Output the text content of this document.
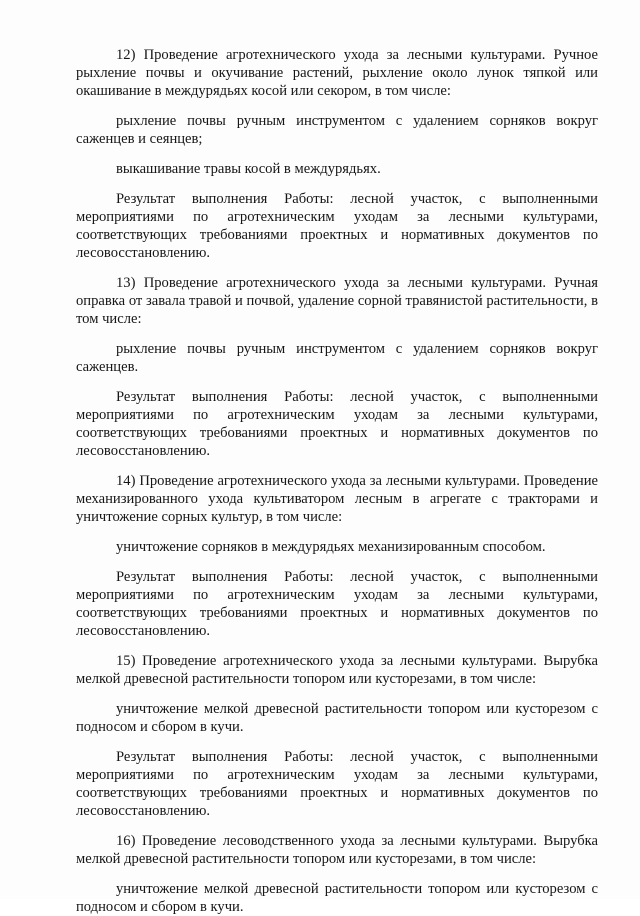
12) Проведение агротехнического ухода за лесными культурами. Ручное рыхление почвы и окучивание растений, рыхление около лунок тяпкой или окашивание в междурядьях косой или секором, в том числе:

рыхление почвы ручным инструментом с удалением сорняков вокруг саженцев и сеянцев;

выкашивание травы косой в междурядьях.

Результат выполнения Работы: лесной участок, с выполненными мероприятиями по агротехническим уходам за лесными культурами, соответствующих требованиями проектных и нормативных документов по лесовосстановлению.

13) Проведение агротехнического ухода за лесными культурами. Ручная оправка от завала травой и почвой, удаление сорной травянистой растительности, в том числе:

рыхление почвы ручным инструментом с удалением сорняков вокруг саженцев.

Результат выполнения Работы: лесной участок, с выполненными мероприятиями по агротехническим уходам за лесными культурами, соответствующих требованиями проектных и нормативных документов по лесовосстановлению.

14) Проведение агротехнического ухода за лесными культурами. Проведение механизированного ухода культиватором лесным в агрегате с тракторами и уничтожение сорных культур, в том числе:

уничтожение сорняков в междурядьях механизированным способом.

Результат выполнения Работы: лесной участок, с выполненными мероприятиями по агротехническим уходам за лесными культурами, соответствующих требованиями проектных и нормативных документов по лесовосстановлению.

15) Проведение агротехнического ухода за лесными культурами. Вырубка мелкой древесной растительности топором или кусторезами, в том числе:

уничтожение мелкой древесной растительности топором или кусторезом с подносом и сбором в кучи.

Результат выполнения Работы: лесной участок, с выполненными мероприятиями по агротехническим уходам за лесными культурами, соответствующих требованиями проектных и нормативных документов по лесовосстановлению.

16) Проведение лесоводственного ухода за лесными культурами. Вырубка мелкой древесной растительности топором или кусторезами, в том числе:

уничтожение мелкой древесной растительности топором или кусторезом с подносом и сбором в кучи.
